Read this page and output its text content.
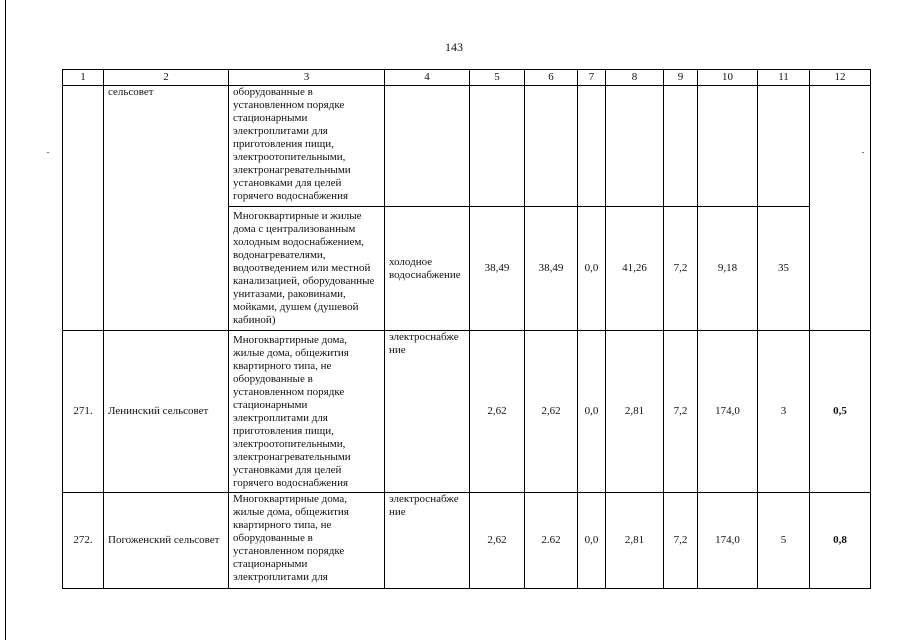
143
1	2	3	4	5	6	7	8	9	10	11	12
	сельсовет	оборудованные в установленном порядке стационарными электроплитами для приготовления пищи, электроотопительными, электронагревательными установками для целей горячего водоснабжения									
		Многоквартирные и жилые дома с централизованным холодным водоснабжением, водонагревателями, водоотведением или местной канализацией, оборудованные унитазами, раковинами, мойками, душем (душевой кабиной)	холодное водоснабжение	38,49	38,49	0,0	41,26	7,2	9,18	35	
271.	Ленинский сельсовет	Многоквартирные дома, жилые дома, общежития квартирного типа, не оборудованные в установленном порядке стационарными электроплитами для приготовления пищи, электроотопительными, электронагревательными установками для целей горячего водоснабжения	электроснабже ние	2,62	2,62	0,0	2,81	7,2	174,0	3	0,5
272.	Погоженский сельсовет	Многоквартирные дома, жилые дома, общежития квартирного типа, не оборудованные в установленном порядке стационарными электроплитами для	электроснабже ние	2,62	2.62	0,0	2,81	7,2	174,0	5	0,8
